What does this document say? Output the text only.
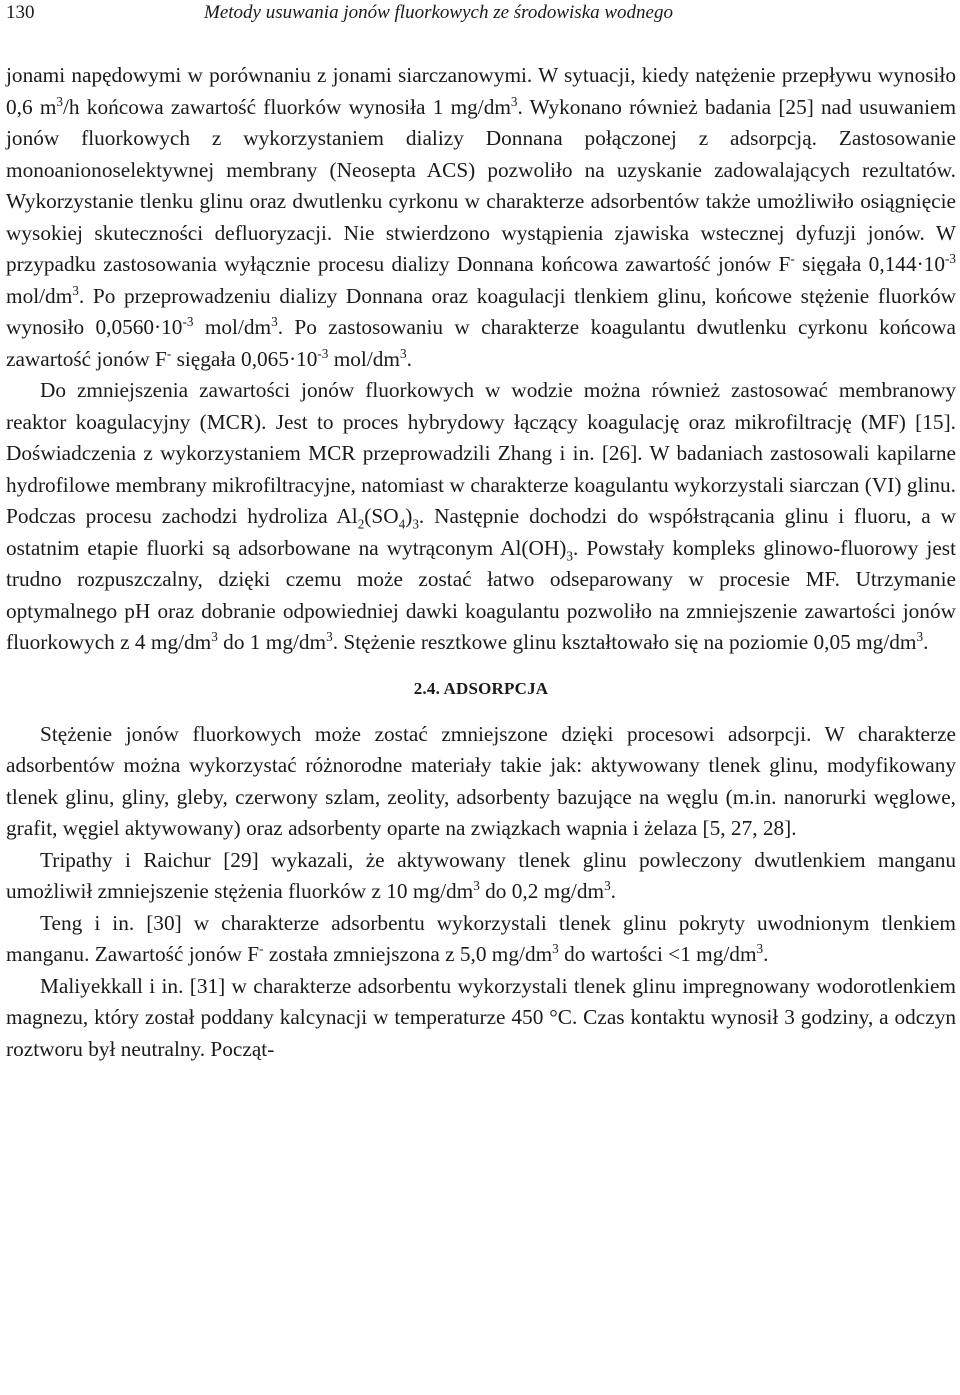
130	Metody usuwania jonów fluorkowych ze środowiska wodnego

jonami napędowymi w porównaniu z jonami siarczanowymi. W sytuacji, kiedy natężenie przepływu wynosiło 0,6 $m^3/h$ końcowa zawartość fluorków wynosiła 1 $mg/dm^3$. Wykonano również badania [25] nad usuwaniem jonów fluorkowych z wykorzystaniem dializy Donnana połączonej z adsorpcją. Zastosowanie monoanionoselektywnej membrany (Neosepta ACS) pozwoliło na uzyskanie zadowalających rezultatów. Wykorzystanie tlenku glinu oraz dwutlenku cyrkonu w charakterze adsorbentów także umożliwiło osiągnięcie wysokiej skuteczności defluoryzacji. Nie stwierdzono wystąpienia zjawiska wstecznej dyfuzji jonów. W przypadku zastosowania wyłącznie procesu dializy Donnana końcowa zawartość jonów F- sięgała $0,144\cdot 10^{-3}$ mol/$dm^3$. Po przeprowadzeniu dializy Donnana oraz koagulacji tlenkiem glinu, końcowe stężenie fluorków wynosiło $0,0560\cdot 10^{-3}$ mol/$dm^3$. Po zastosowaniu w charakterze koagulantu dwutlenku cyrkonu końcowa zawartość jonów F- sięgała $0,065\cdot 10^{-3}$ mol/$dm^3$.

Do zmniejszenia zawartości jonów fluorkowych w wodzie można również zastosować membranowy reaktor koagulacyjny (MCR). Jest to proces hybrydowy łączący koagulację oraz mikrofiltrację (MF) [15]. Doświadczenia z wykorzystaniem MCR przeprowadzili Zhang i in. [26]. W badaniach zastosowali kapilarne hydrofilowe membrany mikrofiltracyjne, natomiast w charakterze koagulantu wykorzystali siarczan (VI) glinu. Podczas procesu zachodzi hydroliza $Al_2(SO_4)_3$. Następnie dochodzi do współstrącania glinu i fluoru, a w ostatnim etapie fluorki są adsorbowane na wytrąconym $Al(OH)_3$. Powstały kompleks glinowo-fluorowy jest trudno rozpuszczalny, dzięki czemu może zostać łatwo odseparowany w procesie MF. Utrzymanie optymalnego pH oraz dobranie odpowiedniej dawki koagulantu pozwoliło na zmniejszenie zawartości jonów fluorkowych z 4 $mg/dm^3$ do 1 $mg/dm^3$. Stężenie resztkowe glinu kształtowało się na poziomie 0,05 $mg/dm^3$.

2.4. ADSORPCJA

Stężenie jonów fluorkowych może zostać zmniejszone dzięki procesowi adsorpcji. W charakterze adsorbentów można wykorzystać różnorodne materiały takie jak: aktywowany tlenek glinu, modyfikowany tlenek glinu, gliny, gleby, czerwony szlam, zeolity, adsorbenty bazujące na węglu (m.in. nanorurki węglowe, grafit, węgiel aktywowany) oraz adsorbenty oparte na związkach wapnia i żelaza [5, 27, 28].

Tripathy i Raichur [29] wykazali, że aktywowany tlenek glinu powleczony dwutlenkiem manganu umożliwił zmniejszenie stężenia fluorków z 10 $mg/dm^3$ do 0,2 $mg/dm^3$.

Teng i in. [30] w charakterze adsorbentu wykorzystali tlenek glinu pokryty uwodnionym tlenkiem manganu. Zawartość jonów F- została zmniejszona z 5,0 $mg/dm^3$ do wartości <1 $mg/dm^3$.

Maliyekkall i in. [31] w charakterze adsorbentu wykorzystali tlenek glinu impregnowany wodorotlenkiem magnezu, który został poddany kalcynacji w temperaturze 450 °C. Czas kontaktu wynosił 3 godziny, a odczyn roztworu był neutralny. Począt-
